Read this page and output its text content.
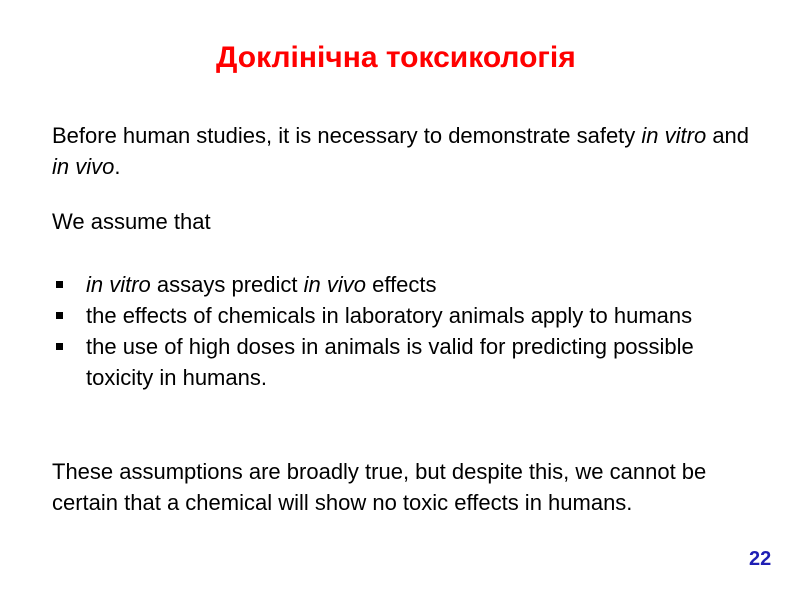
Доклінічна токсикологія
Before human studies, it is necessary to demonstrate safety in vitro and in vivo.
We assume that
in vitro assays predict in vivo effects
the effects of chemicals in laboratory animals apply to humans
the use of high doses in animals is valid for predicting possible toxicity in humans.
These assumptions are broadly true, but despite this, we cannot be certain that a chemical will show no toxic effects in humans.
22
